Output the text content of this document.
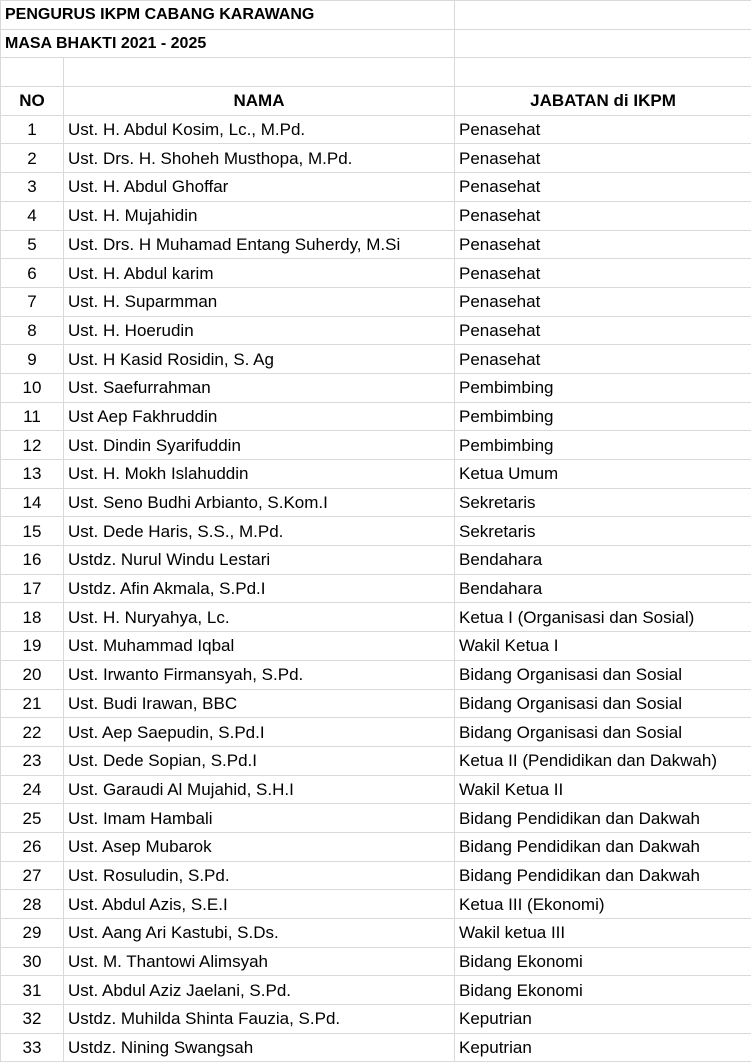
PENGURUS IKPM CABANG KARAWANG		
MASA BHAKTI 2021 - 2025		

NO	NAMA	JABATAN di IKPM
1	Ust. H. Abdul Kosim, Lc., M.Pd.	Penasehat
2	Ust. Drs. H. Shoheh Musthopa, M.Pd.	Penasehat
3	Ust. H. Abdul Ghoffar	Penasehat
4	Ust. H. Mujahidin	Penasehat
5	Ust. Drs. H Muhamad Entang Suherdy, M.Si	Penasehat
6	Ust. H. Abdul karim	Penasehat
7	Ust. H. Suparmman	Penasehat
8	Ust. H. Hoerudin	Penasehat
9	Ust. H Kasid Rosidin, S. Ag	Penasehat
10	Ust. Saefurrahman	Pembimbing
11	Ust Aep Fakhruddin	Pembimbing
12	Ust. Dindin Syarifuddin	Pembimbing
13	Ust. H. Mokh Islahuddin	Ketua Umum
14	Ust. Seno Budhi Arbianto, S.Kom.I	Sekretaris
15	Ust. Dede Haris, S.S., M.Pd.	Sekretaris
16	Ustdz. Nurul Windu Lestari	Bendahara
17	Ustdz. Afin Akmala, S.Pd.I	Bendahara
18	Ust. H. Nuryahya, Lc.	Ketua I (Organisasi dan Sosial)
19	Ust. Muhammad Iqbal	Wakil Ketua I
20	Ust. Irwanto Firmansyah, S.Pd.	Bidang Organisasi dan Sosial
21	Ust. Budi Irawan, BBC	Bidang Organisasi dan Sosial
22	Ust. Aep Saepudin, S.Pd.I	Bidang Organisasi dan Sosial
23	Ust. Dede Sopian, S.Pd.I	Ketua II (Pendidikan dan Dakwah)
24	Ust. Garaudi Al Mujahid, S.H.I	Wakil Ketua II
25	Ust. Imam Hambali	Bidang Pendidikan dan Dakwah
26	Ust. Asep Mubarok	Bidang Pendidikan dan Dakwah
27	Ust. Rosuludin, S.Pd.	Bidang Pendidikan dan Dakwah
28	Ust. Abdul Azis, S.E.I	Ketua III (Ekonomi)
29	Ust. Aang Ari Kastubi, S.Ds.	Wakil ketua III
30	Ust. M. Thantowi Alimsyah	Bidang Ekonomi
31	Ust. Abdul Aziz Jaelani, S.Pd.	Bidang Ekonomi
32	Ustdz. Muhilda Shinta Fauzia, S.Pd.	Keputrian
33	Ustdz. Nining Swangsah	Keputrian
